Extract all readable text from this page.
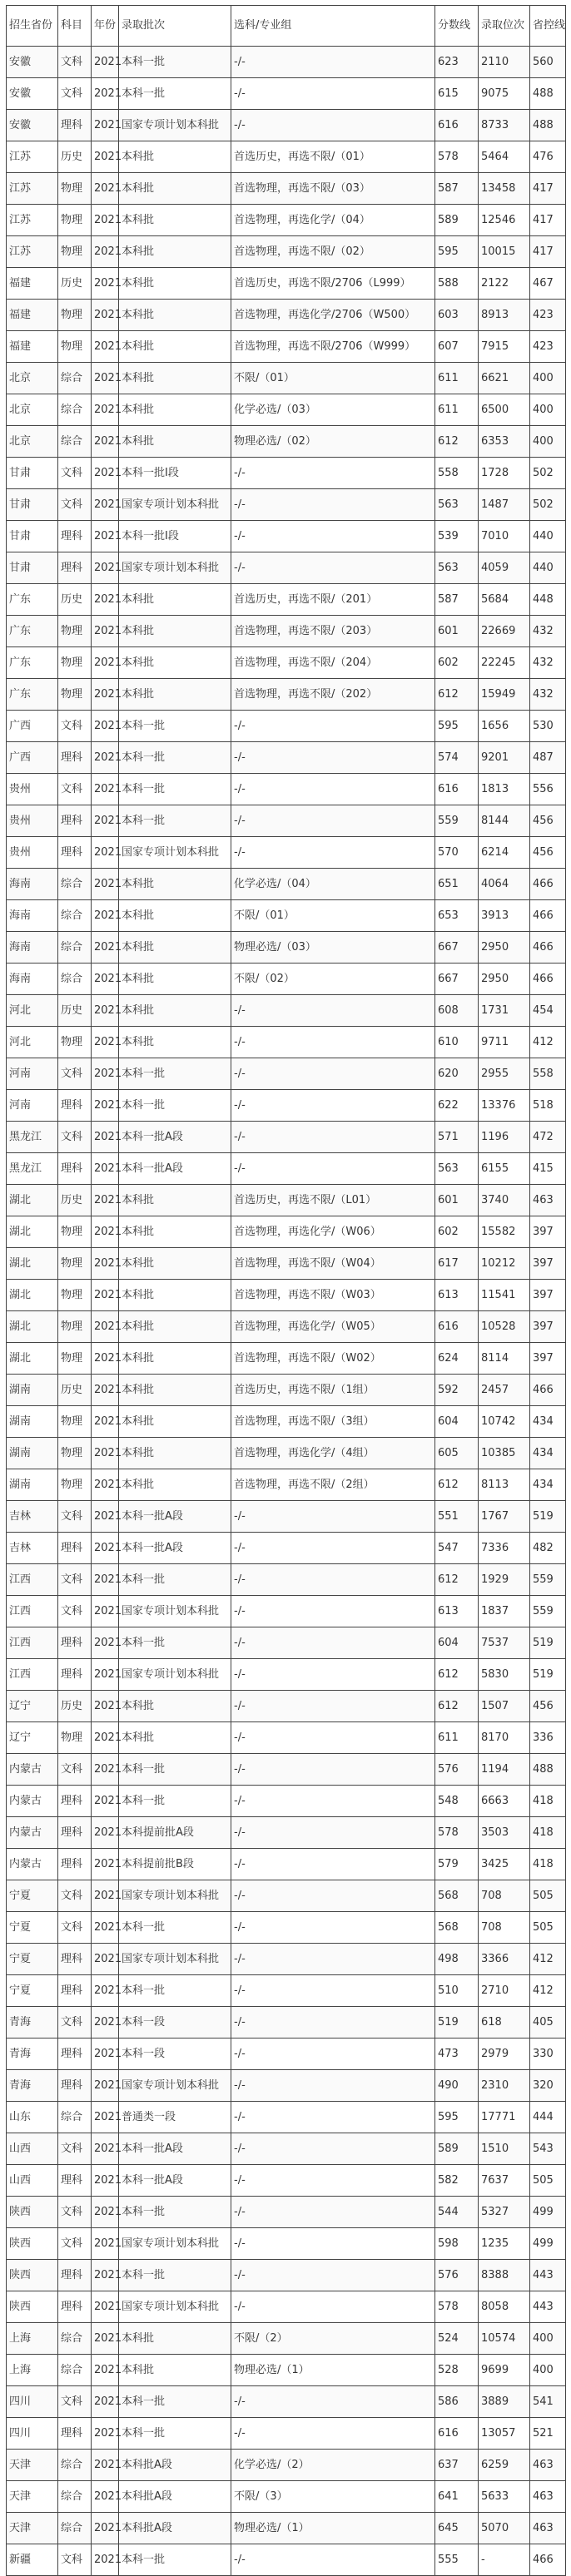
招生省份	科目	年份	录取批次	选科/专业组	分数线	录取位次	省控线
安徽	文科	2021	本科一批	-/-	623	2110	560
安徽	文科	2021	本科一批	-/-	615	9075	488
安徽	理科	2021	国家专项计划本科批	-/-	616	8733	488
江苏	历史	2021	本科批	首选历史，再选不限/（01）	578	5464	476
江苏	物理	2021	本科批	首选物理，再选不限/（03）	587	13458	417
江苏	物理	2021	本科批	首选物理，再选化学/（04）	589	12546	417
江苏	物理	2021	本科批	首选物理，再选不限/（02）	595	10015	417
福建	历史	2021	本科批	首选历史，再选不限/2706（L999）	588	2122	467
福建	物理	2021	本科批	首选物理，再选化学/2706（W500）	603	8913	423
福建	物理	2021	本科批	首选物理，再选不限/2706（W999）	607	7915	423
北京	综合	2021	本科批	不限/（01）	611	6621	400
北京	综合	2021	本科批	化学必选/（03）	611	6500	400
北京	综合	2021	本科批	物理必选/（02）	612	6353	400
甘肃	文科	2021	本科一批I段	-/-	558	1728	502
甘肃	文科	2021	国家专项计划本科批	-/-	563	1487	502
甘肃	理科	2021	本科一批I段	-/-	539	7010	440
甘肃	理科	2021	国家专项计划本科批	-/-	563	4059	440
广东	历史	2021	本科批	首选历史，再选不限/（201）	587	5684	448
广东	物理	2021	本科批	首选物理，再选不限/（203）	601	22669	432
广东	物理	2021	本科批	首选物理，再选不限/（204）	602	22245	432
广东	物理	2021	本科批	首选物理，再选不限/（202）	612	15949	432
广西	文科	2021	本科一批	-/-	595	1656	530
广西	理科	2021	本科一批	-/-	574	9201	487
贵州	文科	2021	本科一批	-/-	616	1813	556
贵州	理科	2021	本科一批	-/-	559	8144	456
贵州	理科	2021	国家专项计划本科批	-/-	570	6214	456
海南	综合	2021	本科批	化学必选/（04）	651	4064	466
海南	综合	2021	本科批	不限/（01）	653	3913	466
海南	综合	2021	本科批	物理必选/（03）	667	2950	466
海南	综合	2021	本科批	不限/（02）	667	2950	466
河北	历史	2021	本科批	-/-	608	1731	454
河北	物理	2021	本科批	-/-	610	9711	412
河南	文科	2021	本科一批	-/-	620	2955	558
河南	理科	2021	本科一批	-/-	622	13376	518
黑龙江	文科	2021	本科一批A段	-/-	571	1196	472
黑龙江	理科	2021	本科一批A段	-/-	563	6155	415
湖北	历史	2021	本科批	首选历史，再选不限/（L01）	601	3740	463
湖北	物理	2021	本科批	首选物理，再选化学/（W06）	602	15582	397
湖北	物理	2021	本科批	首选物理，再选不限/（W04）	617	10212	397
湖北	物理	2021	本科批	首选物理，再选不限/（W03）	613	11541	397
湖北	物理	2021	本科批	首选物理，再选化学/（W05）	616	10528	397
湖北	物理	2021	本科批	首选物理，再选不限/（W02）	624	8114	397
湖南	历史	2021	本科批	首选历史，再选不限/（1组）	592	2457	466
湖南	物理	2021	本科批	首选物理，再选不限/（3组）	604	10742	434
湖南	物理	2021	本科批	首选物理，再选化学/（4组）	605	10385	434
湖南	物理	2021	本科批	首选物理，再选不限/（2组）	612	8113	434
吉林	文科	2021	本科一批A段	-/-	551	1767	519
吉林	理科	2021	本科一批A段	-/-	547	7336	482
江西	文科	2021	本科一批	-/-	612	1929	559
江西	文科	2021	国家专项计划本科批	-/-	613	1837	559
江西	理科	2021	本科一批	-/-	604	7537	519
江西	理科	2021	国家专项计划本科批	-/-	612	5830	519
辽宁	历史	2021	本科批	-/-	612	1507	456
辽宁	物理	2021	本科批	-/-	611	8170	336
内蒙古	文科	2021	本科一批	-/-	576	1194	488
内蒙古	理科	2021	本科一批	-/-	548	6663	418
内蒙古	理科	2021	本科提前批A段	-/-	578	3503	418
内蒙古	理科	2021	本科提前批B段	-/-	579	3425	418
宁夏	文科	2021	国家专项计划本科批	-/-	568	708	505
宁夏	文科	2021	本科一批	-/-	568	708	505
宁夏	理科	2021	国家专项计划本科批	-/-	498	3366	412
宁夏	理科	2021	本科一批	-/-	510	2710	412
青海	文科	2021	本科一段	-/-	519	618	405
青海	理科	2021	本科一段	-/-	473	2979	330
青海	理科	2021	国家专项计划本科批	-/-	490	2310	320
山东	综合	2021	普通类一段	-/-	595	17771	444
山西	文科	2021	本科一批A段	-/-	589	1510	543
山西	理科	2021	本科一批A段	-/-	582	7637	505
陕西	文科	2021	本科一批	-/-	544	5327	499
陕西	文科	2021	国家专项计划本科批	-/-	598	1235	499
陕西	理科	2021	本科一批	-/-	576	8388	443
陕西	理科	2021	国家专项计划本科批	-/-	578	8058	443
上海	综合	2021	本科批	不限/（2）	524	10574	400
上海	综合	2021	本科批	物理必选/（1）	528	9699	400
四川	文科	2021	本科一批	-/-	586	3889	541
四川	理科	2021	本科一批	-/-	616	13057	521
天津	综合	2021	本科批A段	化学必选/（2）	637	6259	463
天津	综合	2021	本科批A段	不限/（3）	641	5633	463
天津	综合	2021	本科批A段	物理必选/（1）	645	5070	463
新疆	文科	2021	本科一批	-/-	555	-	466
